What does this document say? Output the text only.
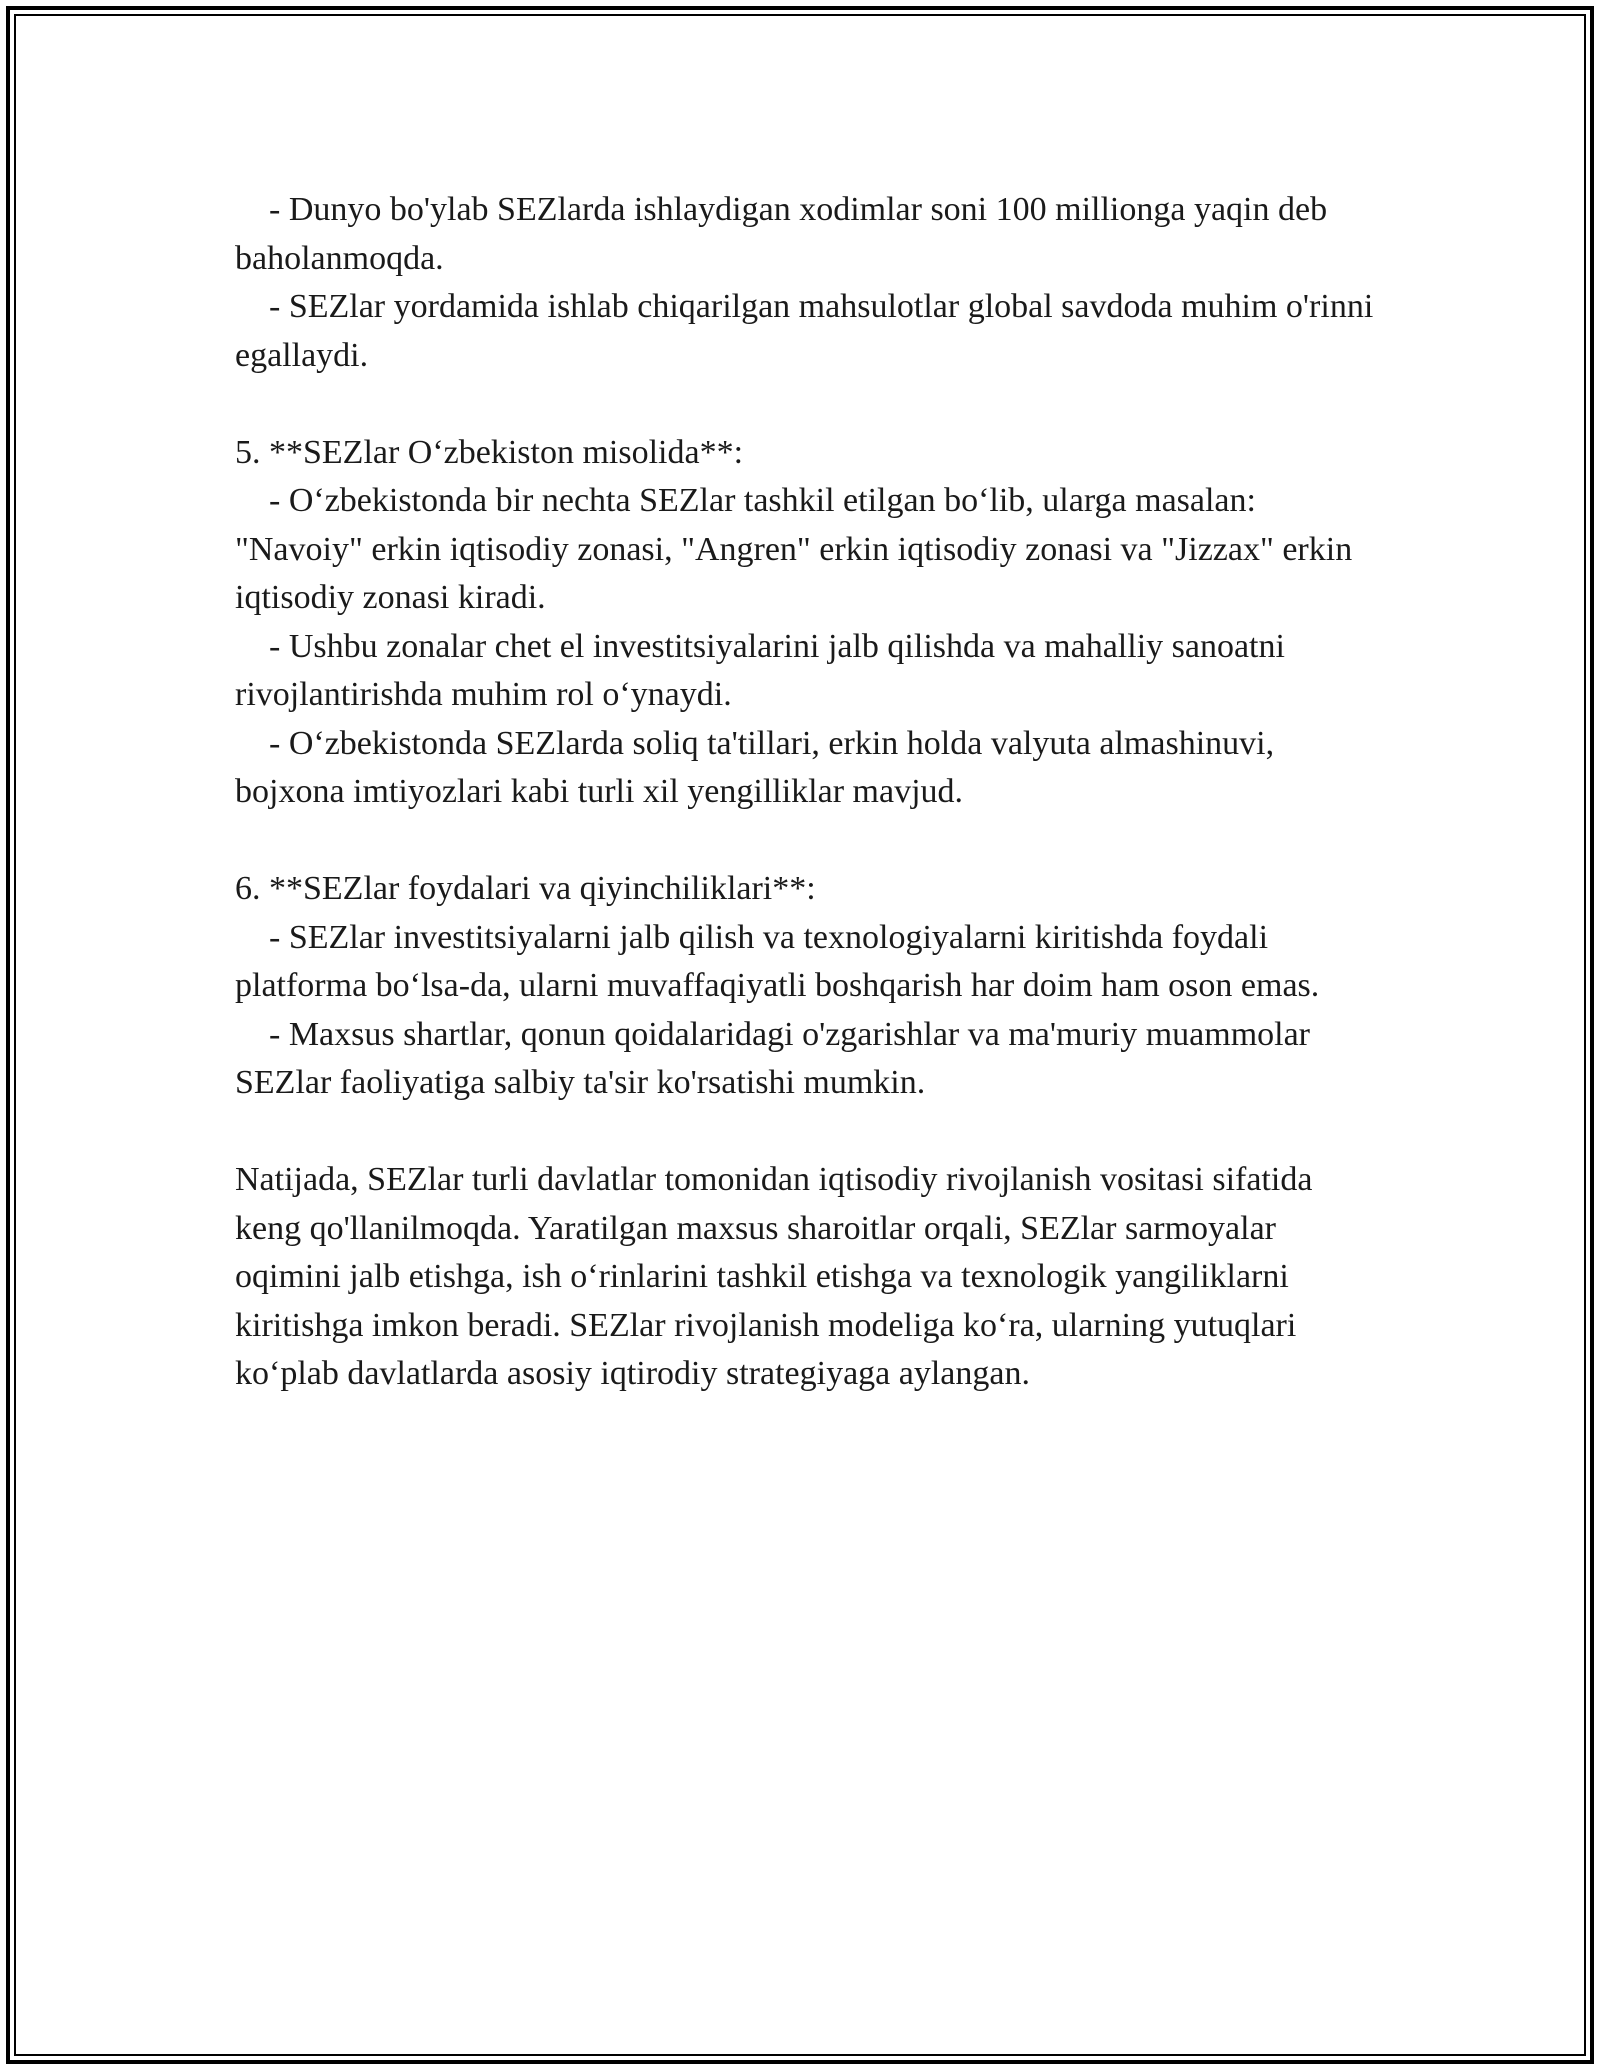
- Dunyo bo'ylab SEZlarda ishlaydigan xodimlar soni 100 millionga yaqin deb baholanmoqda.

- SEZlar yordamida ishlab chiqarilgan mahsulotlar global savdoda muhim o'rinni egallaydi.

5. **SEZlar O‘zbekiston misolida**:

- O‘zbekistonda bir nechta SEZlar tashkil etilgan bo‘lib, ularga masalan: "Navoiy" erkin iqtisodiy zonasi, "Angren" erkin iqtisodiy zonasi va "Jizzax" erkin iqtisodiy zonasi kiradi.

- Ushbu zonalar chet el investitsiyalarini jalb qilishda va mahalliy sanoatni rivojlantirishda muhim rol o‘ynaydi.

- O‘zbekistonda SEZlarda soliq ta'tillari, erkin holda valyuta almashinuvi, bojxona imtiyozlari kabi turli xil yengilliklar mavjud.

6. **SEZlar foydalari va qiyinchiliklari**:

- SEZlar investitsiyalarni jalb qilish va texnologiyalarni kiritishda foydali platforma bo‘lsa-da, ularni muvaffaqiyatli boshqarish har doim ham oson emas.

- Maxsus shartlar, qonun qoidalaridagi o'zgarishlar va ma'muriy muammolar SEZlar faoliyatiga salbiy ta'sir ko'rsatishi mumkin.

Natijada, SEZlar turli davlatlar tomonidan iqtisodiy rivojlanish vositasi sifatida keng qo'llanilmoqda. Yaratilgan maxsus sharoitlar orqali, SEZlar sarmoyalar oqimini jalb etishga, ish o‘rinlarini tashkil etishga va texnologik yangiliklarni kiritishga imkon beradi. SEZlar rivojlanish modeliga ko‘ra, ularning yutuqlari ko‘plab davlatlarda asosiy iqtirodiy strategiyaga aylangan.
